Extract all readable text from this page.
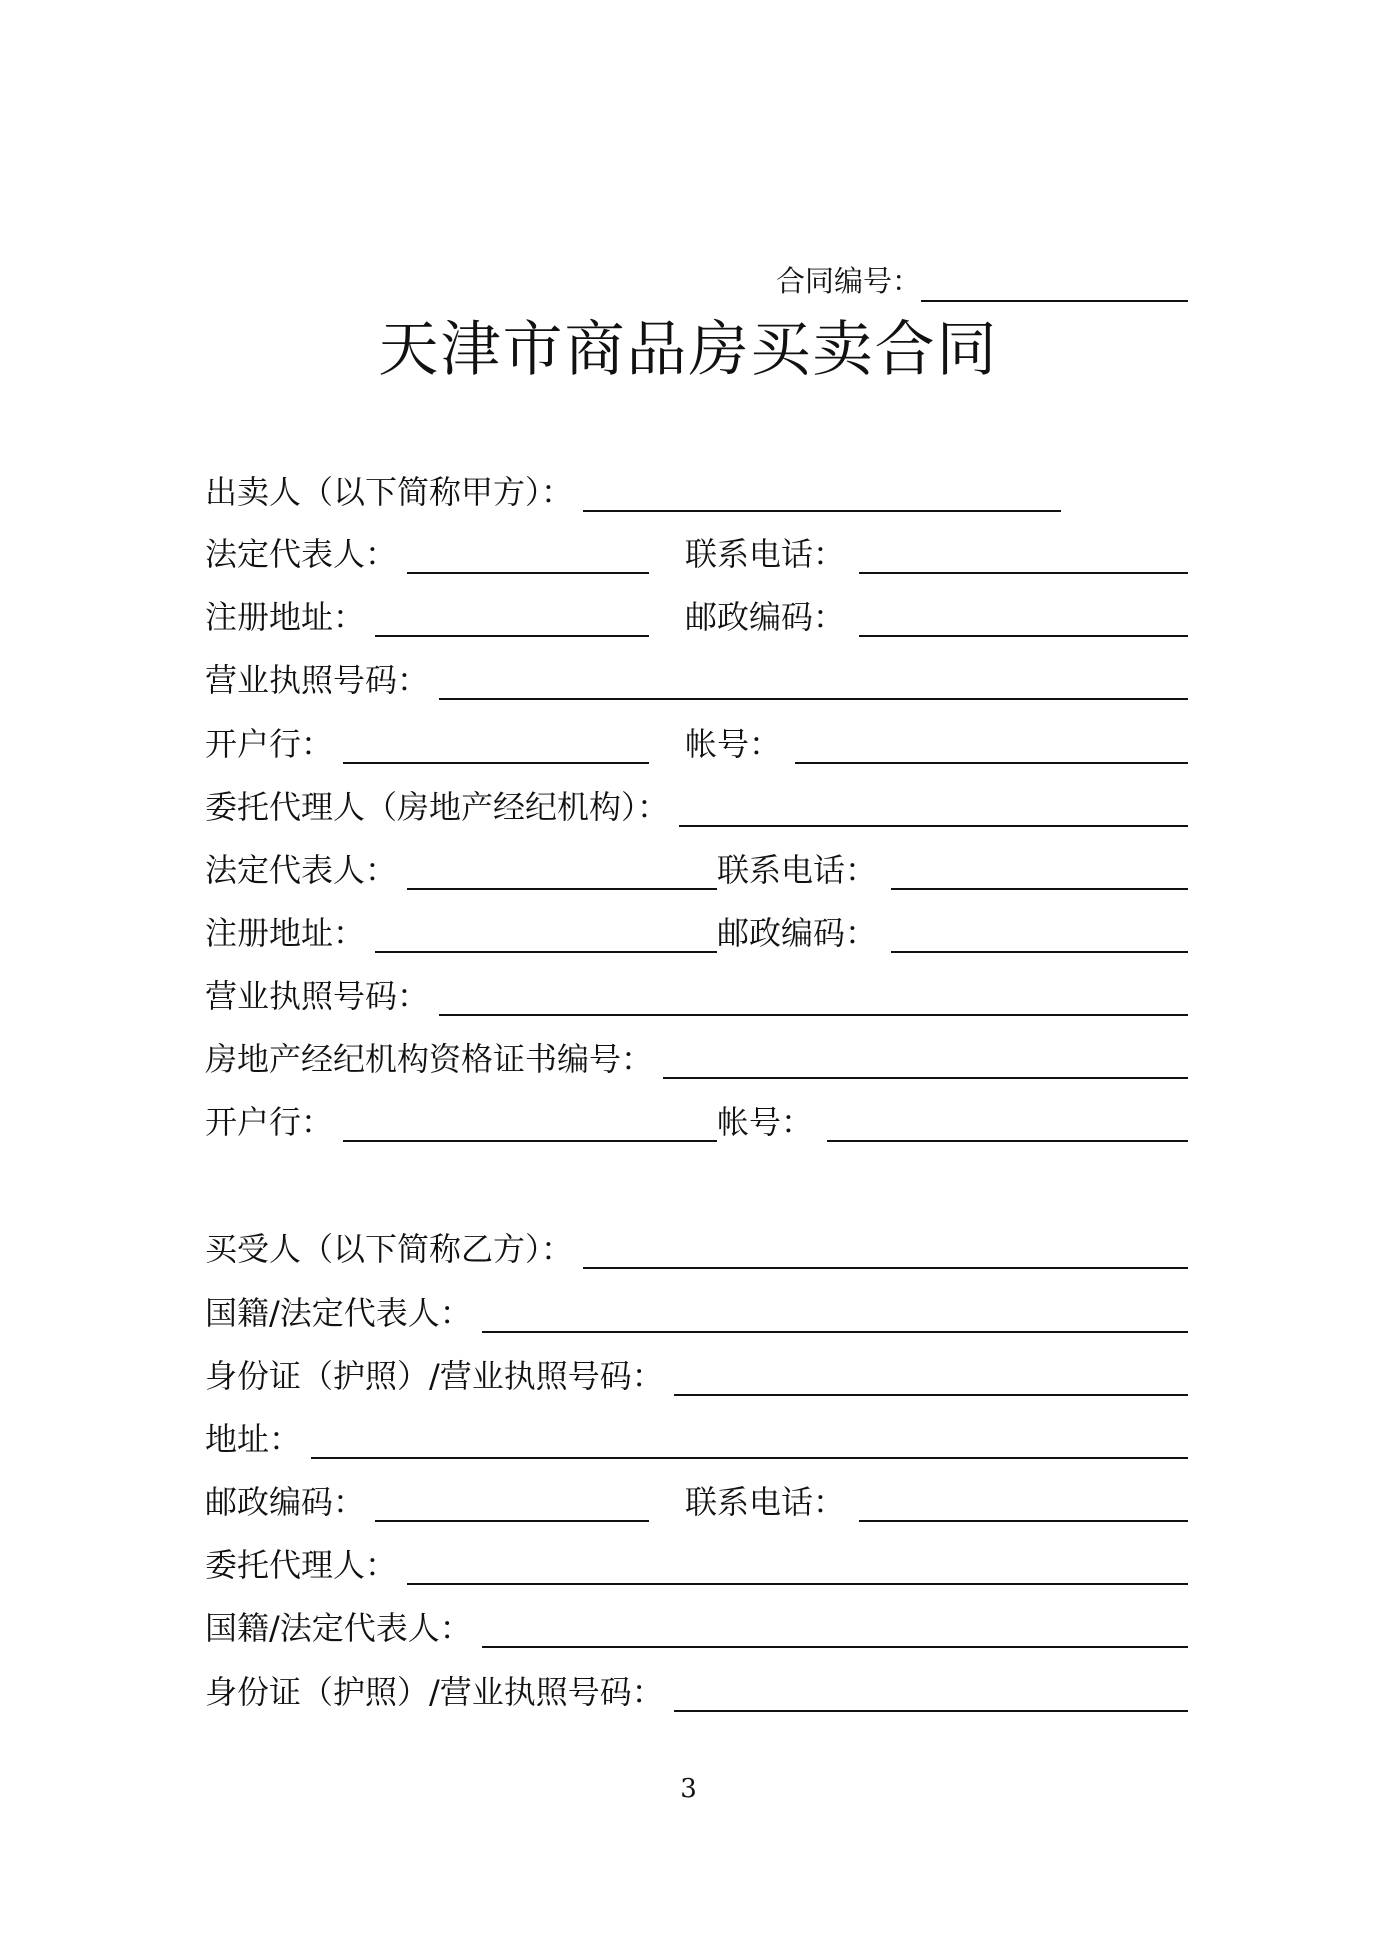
合同编号：
天津市商品房买卖合同
出卖人（以下简称甲方）：
法定代表人：	联系电话：
注册地址：	邮政编码：
营业执照号码：
开户行：	帐号：
委托代理人（房地产经纪机构）：
法定代表人：	联系电话：
注册地址：	邮政编码：
营业执照号码：
房地产经纪机构资格证书编号：
开户行：	帐号：
买受人（以下简称乙方）：
国籍/法定代表人：
身份证（护照）/营业执照号码：
地址：
邮政编码：	联系电话：
委托代理人：
国籍/法定代表人：
身份证（护照）/营业执照号码：
3
